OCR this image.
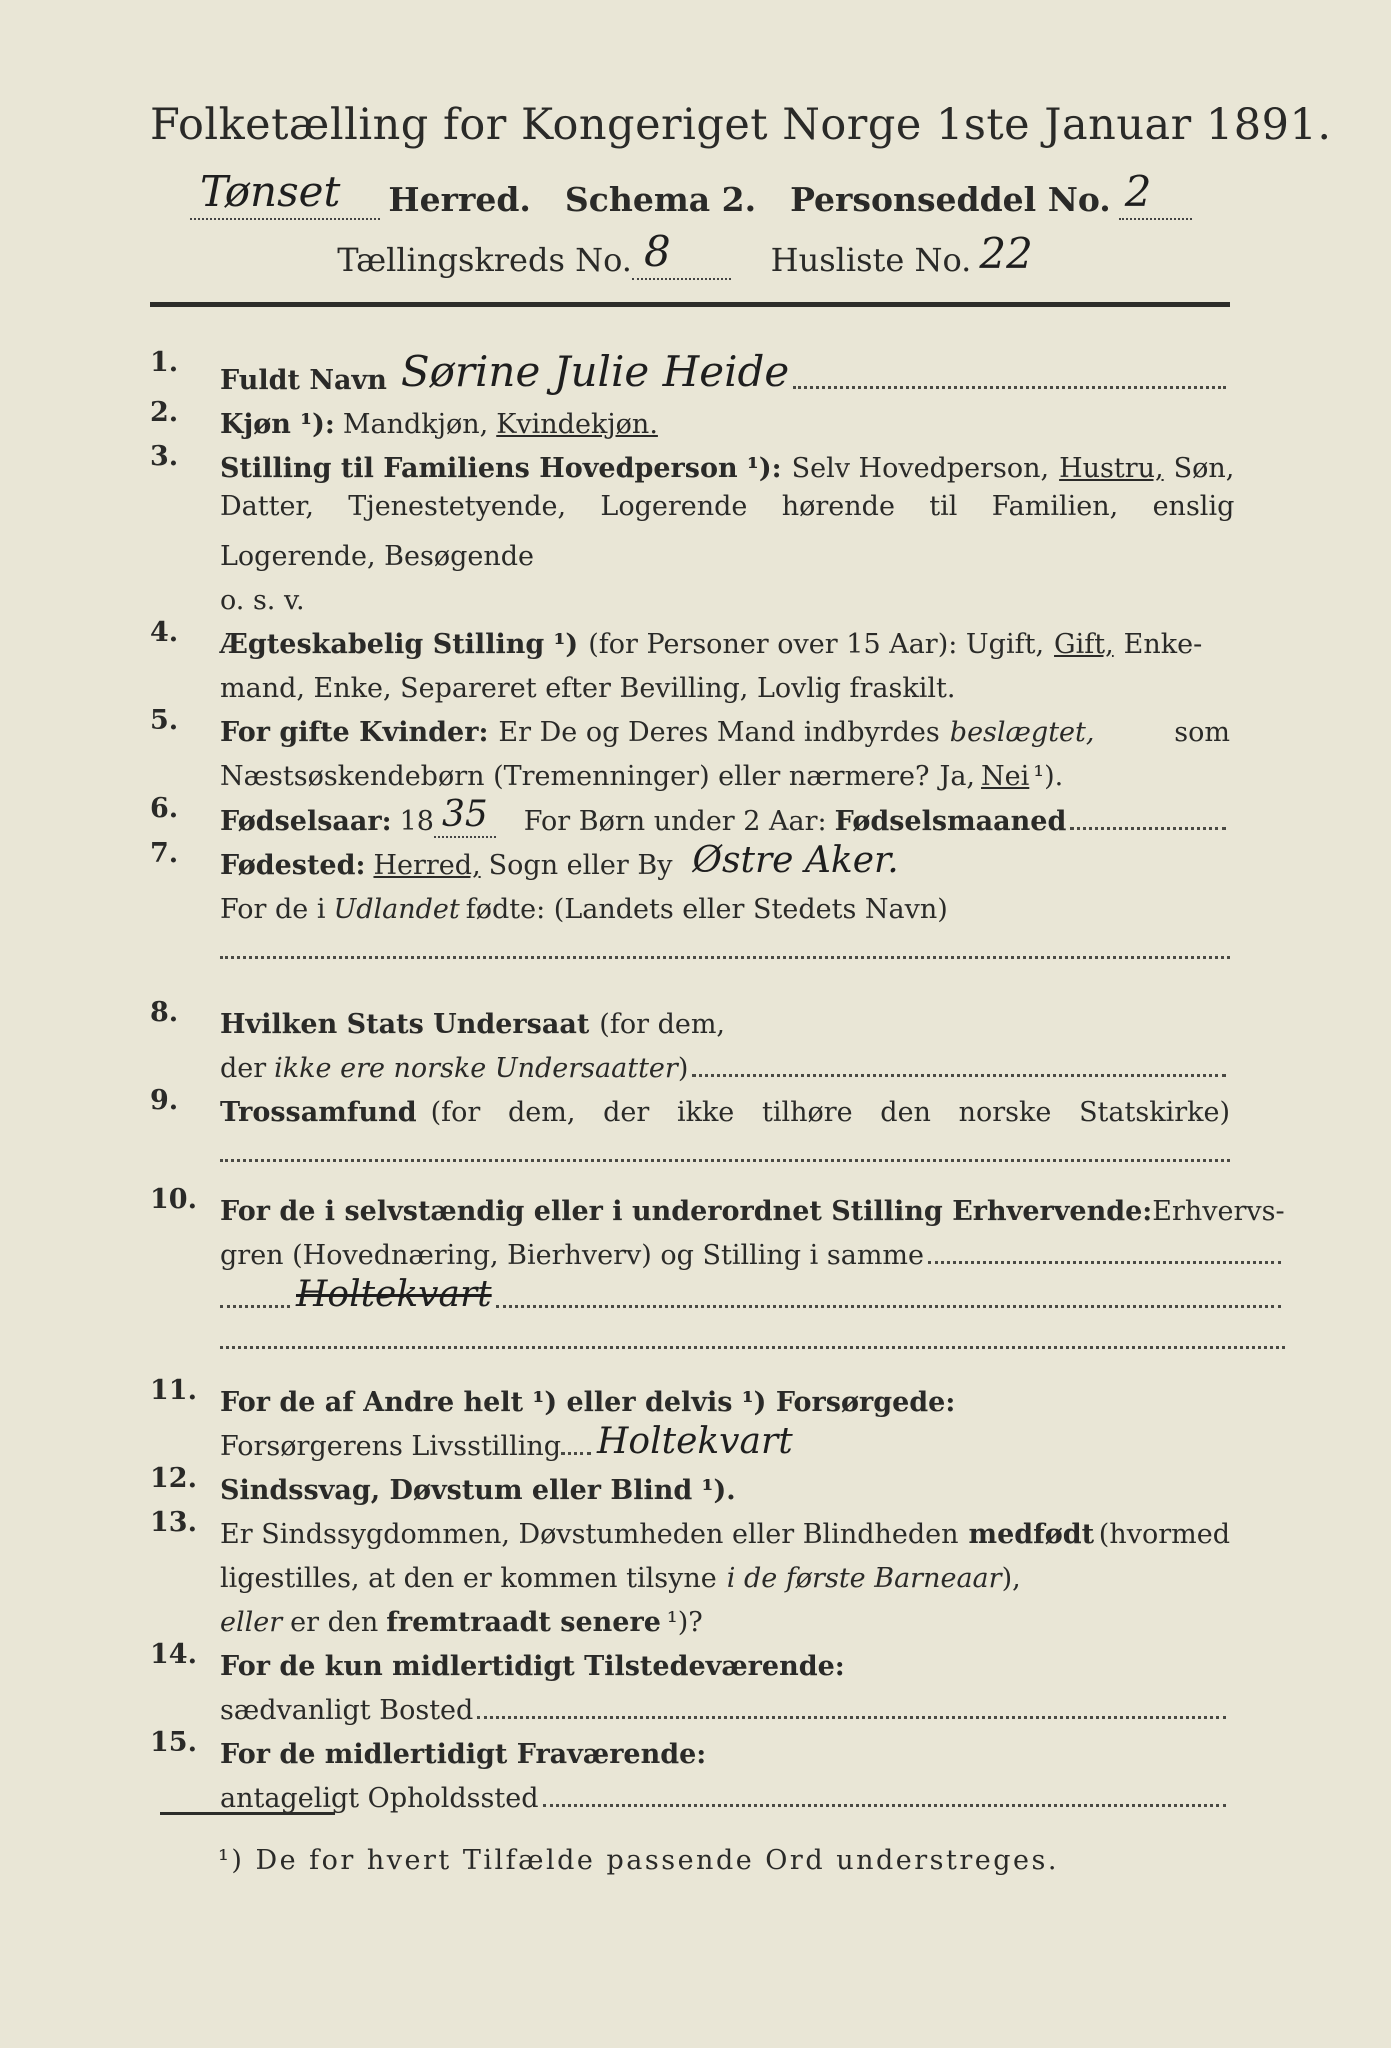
Folketælling for Kongeriget Norge 1ste Januar 1891.
Tønset	Herred. Schema 2. Personseddel No. 2
Tællingskreds No. 8	Husliste No. 22
1.
Fuldt Navn Sørine Julie Heide
2.	Kjøn ¹): Mandkjøn, Kvindekjøn.
3.	Stilling til Familiens Hovedperson ¹): Selv Hovedperson, Hustru, Søn,
Datter, Tjenestetyende, Logerende hørende til Familien, enslig
Logerende, Besøgende
o. s. v.
4.	Ægteskabelig Stilling ¹) (for Personer over 15 Aar): Ugift, Gift, Enke-
mand, Enke, Separeret efter Bevilling, Lovlig fraskilt.
5.	For gifte Kvinder: Er De og Deres Mand indbyrdes beslægtet,	som
Næstsøskendebørn (Tremenninger) eller nærmere? Ja, Nei ¹).
6.	Fødselsaar: 18 35 For Børn under 2 Aar: Fødselsmaaned
7.	Fødested: Herred, Sogn eller By Østre Aker.
For de i Udlandet fødte: (Landets eller Stedets Navn)
8.	Hvilken Stats Undersaat (for dem,
der ikke ere norske Undersaatter )
9.	Trossamfund (for dem, der ikke tilhøre den norske Statskirke)
10. For de i selvstændig eller i underordnet Stilling Erhvervende: Erhvervs-
gren (Hovednæring, Bierhverv) og Stilling i samme
Holtekvart
11. For de af Andre helt ¹) eller delvis ¹) Forsørgede:
Forsørgerens Livsstilling Holtekvart
12. Sindssvag, Døvstum eller Blind ¹).
13. Er Sindssygdommen, Døvstumheden eller Blindheden medfødt (hvormed
ligestilles, at den er kommen tilsyne i de første Barneaar ),
eller er den fremtraadt senere ¹)?
14. For de kun midlertidigt Tilstedeværende:
sædvanligt Bosted
15. For de midlertidigt Fraværende:
antageligt Opholdssted
¹) De for hvert Tilfælde passende Ord understreges.
